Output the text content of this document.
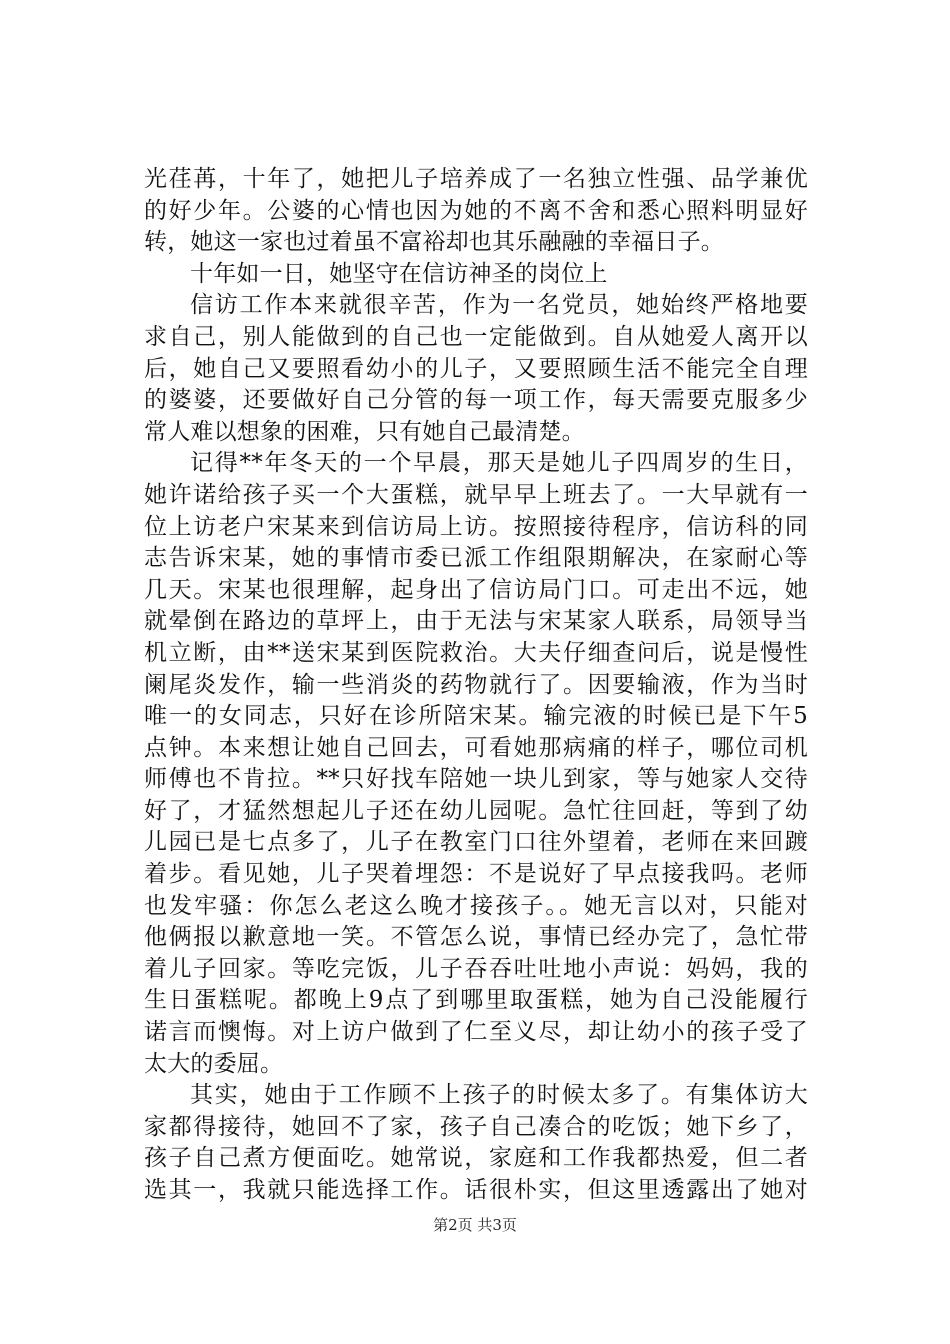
光荏苒，十年了，她把儿子培养成了一名独立性强、品学兼优
的好少年。公婆的心情也因为她的不离不舍和悉心照料明显好
转，她这一家也过着虽不富裕却也其乐融融的幸福日子。
十年如一日，她坚守在信访神圣的岗位上
信访工作本来就很辛苦，作为一名党员，她始终严格地要
求自己，别人能做到的自己也一定能做到。自从她爱人离开以
后，她自己又要照看幼小的儿子，又要照顾生活不能完全自理
的婆婆，还要做好自己分管的每一项工作，每天需要克服多少
常人难以想象的困难，只有她自己最清楚。
记得**年冬天的一个早晨，那天是她儿子四周岁的生日，
她许诺给孩子买一个大蛋糕，就早早上班去了。一大早就有一
位上访老户宋某来到信访局上访。按照接待程序，信访科的同
志告诉宋某，她的事情市委已派工作组限期解决，在家耐心等
几天。宋某也很理解，起身出了信访局门口。可走出不远，她
就晕倒在路边的草坪上，由于无法与宋某家人联系，局领导当
机立断，由**送宋某到医院救治。大夫仔细查问后，说是慢性
阑尾炎发作，输一些消炎的药物就行了。因要输液，作为当时
唯一的女同志，只好在诊所陪宋某。输完液的时候已是下午5
点钟。本来想让她自己回去，可看她那病痛的样子，哪位司机
师傅也不肯拉。**只好找车陪她一块儿到家，等与她家人交待
好了，才猛然想起儿子还在幼儿园呢。急忙往回赶，等到了幼
儿园已是七点多了，儿子在教室门口往外望着，老师在来回踱
着步。看见她，儿子哭着埋怨：不是说好了早点接我吗。老师
也发牢骚：你怎么老这么晚才接孩子。。她无言以对，只能对
他俩报以歉意地一笑。不管怎么说，事情已经办完了，急忙带
着儿子回家。等吃完饭，儿子吞吞吐吐地小声说：妈妈，我的
生日蛋糕呢。都晚上9点了到哪里取蛋糕，她为自己没能履行
诺言而懊悔。对上访户做到了仁至义尽，却让幼小的孩子受了
太大的委屈。
其实，她由于工作顾不上孩子的时候太多了。有集体访大
家都得接待，她回不了家，孩子自己凑合的吃饭；她下乡了，
孩子自己煮方便面吃。她常说，家庭和工作我都热爱，但二者
选其一，我就只能选择工作。话很朴实，但这里透露出了她对
第2页 共3页
